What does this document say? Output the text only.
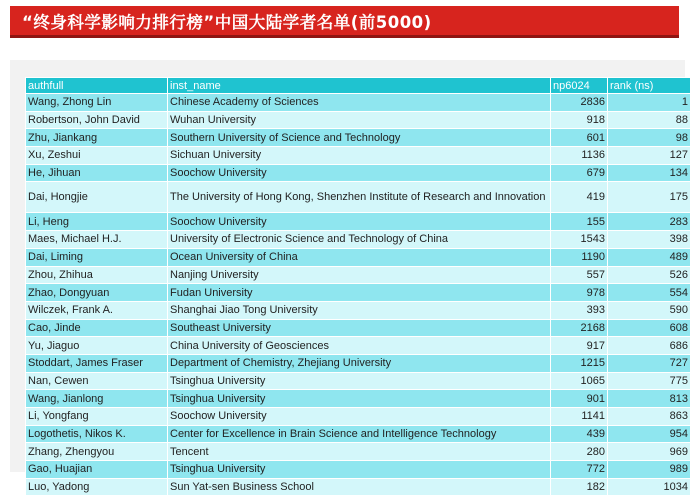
“终身科学影响力排行榜”中国大陆学者名单(前5000)
authfull	inst_name	np6024	rank (ns)
Wang, Zhong Lin	Chinese Academy of Sciences	2836	1
Robertson, John David	Wuhan University	918	88
Zhu, Jiankang	Southern University of Science and Technology	601	98
Xu, Zeshui	Sichuan University	1136	127
He, Jihuan	Soochow University	679	134
Dai, Hongjie	The University of Hong Kong, Shenzhen Institute of Research and Innovation	419	175
Li, Heng	Soochow University	155	283
Maes, Michael H.J.	University of Electronic Science and Technology of China	1543	398
Dai, Liming	Ocean University of China	1190	489
Zhou, Zhihua	Nanjing University	557	526
Zhao, Dongyuan	Fudan University	978	554
Wilczek, Frank A.	Shanghai Jiao Tong University	393	590
Cao, Jinde	Southeast University	2168	608
Yu, Jiaguo	China University of Geosciences	917	686
Stoddart, James Fraser	Department of Chemistry, Zhejiang University	1215	727
Nan, Cewen	Tsinghua University	1065	775
Wang, Jianlong	Tsinghua University	901	813
Li, Yongfang	Soochow University	1141	863
Logothetis, Nikos K.	Center for Excellence in Brain Science and Intelligence Technology	439	954
Zhang, Zhengyou	Tencent	280	969
Gao, Huajian	Tsinghua University	772	989
Luo, Yadong	Sun Yat-sen Business School	182	1034
